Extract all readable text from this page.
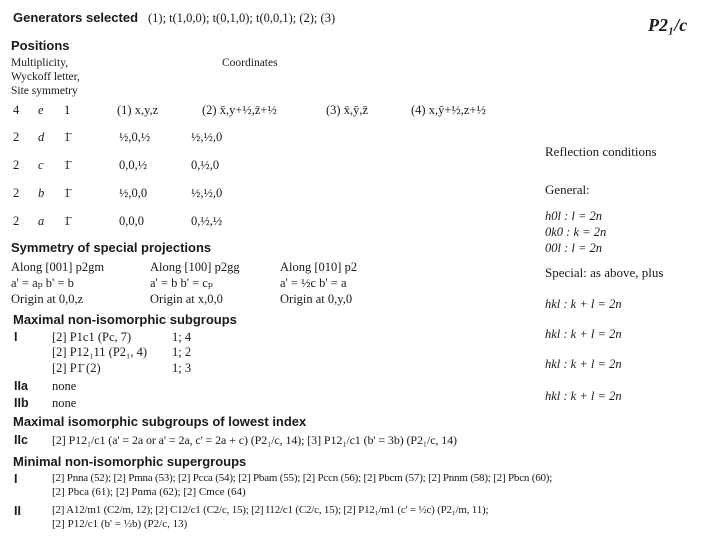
Generators selected (1); t(1,0,0); t(0,1,0); t(0,0,1); (2); (3)	P2₁/c
Positions
Multiplicity,
Wyckoff letter,
Site symmetry
Coordinates
4 e 1	(1) x,y,z	(2) x̄,y+½,z̄+½	(3) x̄,ȳ,z̄	(4) x,ȳ+½,z+½
2 d 1̄	½,0,½	½,½,0
2 c 1̄	0,0,½	0,½,0
2 b 1̄	½,0,0	½,½,0
2 a 1̄	0,0,0	0,½,½
Reflection conditions
General:
h0l : l = 2n
0k0 : k = 2n
00l : l = 2n
Special: as above, plus
hkl : k + l = 2n
hkl : k + l = 2n
hkl : k + l = 2n
hkl : k + l = 2n
Symmetry of special projections
Along [001] p2gm
a' = aₚ b' = b
Origin at 0,0,z
Along [100] p2gg
a' = b b' = cₚ
Origin at x,0,0
Along [010] p2
a' = ½c b' = a
Origin at 0,y,0
Maximal non-isomorphic subgroups
I	[2] P1c1 (Pc, 7)	1; 4
[2] P12₁11 (P2₁, 4) 1; 2
[2] P1̄ (2)	1; 3
IIa none
IIb none
Maximal isomorphic subgroups of lowest index
IIc [2] P12₁/c1 (a' = 2a or a' = 2a, c' = 2a + c) (P2₁/c, 14); [3] P12₁/c1 (b' = 3b) (P2₁/c, 14)
Minimal non-isomorphic supergroups
I	[2] Pnna (52); [2] Pmna (53); [2] Pcca (54); [2] Pbam (55); [2] Pccn (56); [2] Pbcm (57); [2] Pnnm (58); [2] Pbcn (60);
[2] Pbca (61); [2] Pnma (62); [2] Cmce (64)
II	[2] A12/m1 (C2/m, 12); [2] C12/c1 (C2/c, 15); [2] I12/c1 (C2/c, 15); [2] P12₁/m1 (c' = ½c) (P2₁/m, 11);
[2] P12/c1 (b' = ½b) (P2/c, 13)
